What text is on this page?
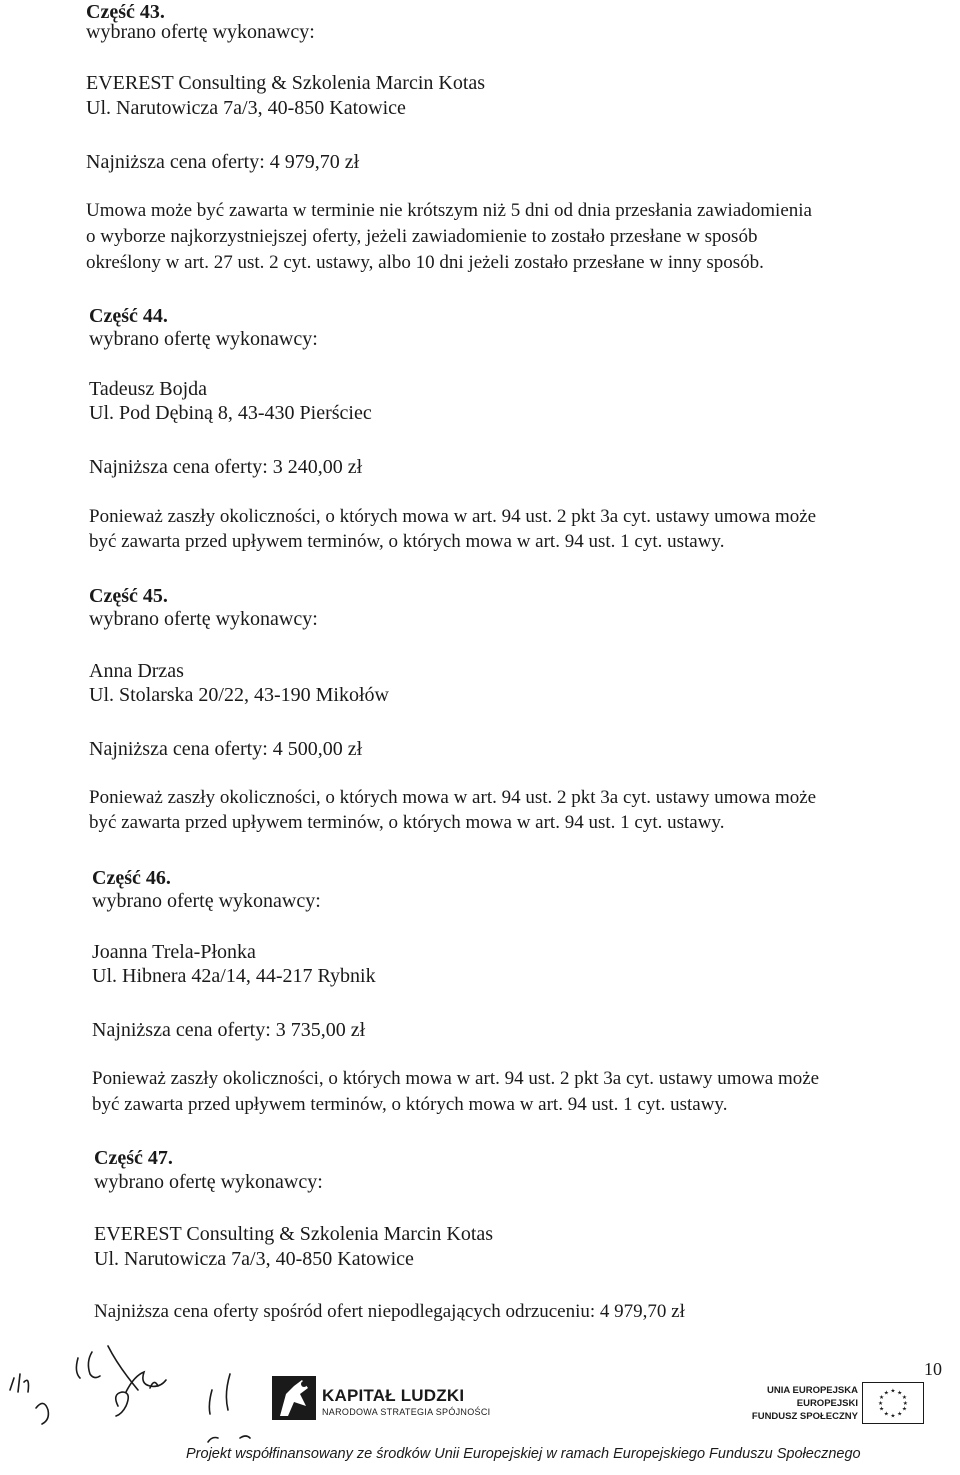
Część 43.
wybrano ofertę wykonawcy:
EVEREST Consulting & Szkolenia Marcin Kotas
Ul. Narutowicza 7a/3, 40-850 Katowice
Najniższa cena oferty: 4 979,70 zł
Umowa może być zawarta w terminie nie krótszym niż 5 dni od dnia przesłania zawiadomienia
o wyborze najkorzystniejszej oferty, jeżeli zawiadomienie to zostało przesłane w sposób
określony w art. 27 ust. 2 cyt. ustawy, albo 10 dni jeżeli zostało przesłane w inny sposób.
Część 44.
wybrano ofertę wykonawcy:
Tadeusz Bojda
Ul. Pod Dębiną 8, 43-430 Pierściec
Najniższa cena oferty: 3 240,00 zł
Ponieważ zaszły okoliczności, o których mowa w art. 94 ust. 2 pkt 3a cyt. ustawy umowa może
być zawarta przed upływem terminów, o których mowa w art. 94 ust. 1 cyt. ustawy.
Część 45.
wybrano ofertę wykonawcy:
Anna Drzas
Ul. Stolarska 20/22, 43-190 Mikołów
Najniższa cena oferty: 4 500,00 zł
Ponieważ zaszły okoliczności, o których mowa w art. 94 ust. 2 pkt 3a cyt. ustawy umowa może
być zawarta przed upływem terminów, o których mowa w art. 94 ust. 1 cyt. ustawy.
Część 46.
wybrano ofertę wykonawcy:
Joanna Trela-Płonka
Ul. Hibnera 42a/14, 44-217 Rybnik
Najniższa cena oferty: 3 735,00 zł
Ponieważ zaszły okoliczności, o których mowa w art. 94 ust. 2 pkt 3a cyt. ustawy umowa może
być zawarta przed upływem terminów, o których mowa w art. 94 ust. 1 cyt. ustawy.
Część 47.
wybrano ofertę wykonawcy:
EVEREST Consulting & Szkolenia Marcin Kotas
Ul. Narutowicza 7a/3, 40-850 Katowice
Najniższa cena oferty spośród ofert niepodlegających odrzuceniu: 4 979,70 zł
10
KAPITAŁ LUDZKI
NARODOWA STRATEGIA SPÓJNOŚCI
UNIA EUROPEJSKA
EUROPEJSKI
FUNDUSZ SPOŁECZNY
★ ★
★
★
★
★
★
★
★
★
★
★
Projekt współfinansowany ze środków Unii Europejskiej w ramach Europejskiego Funduszu Społecznego
